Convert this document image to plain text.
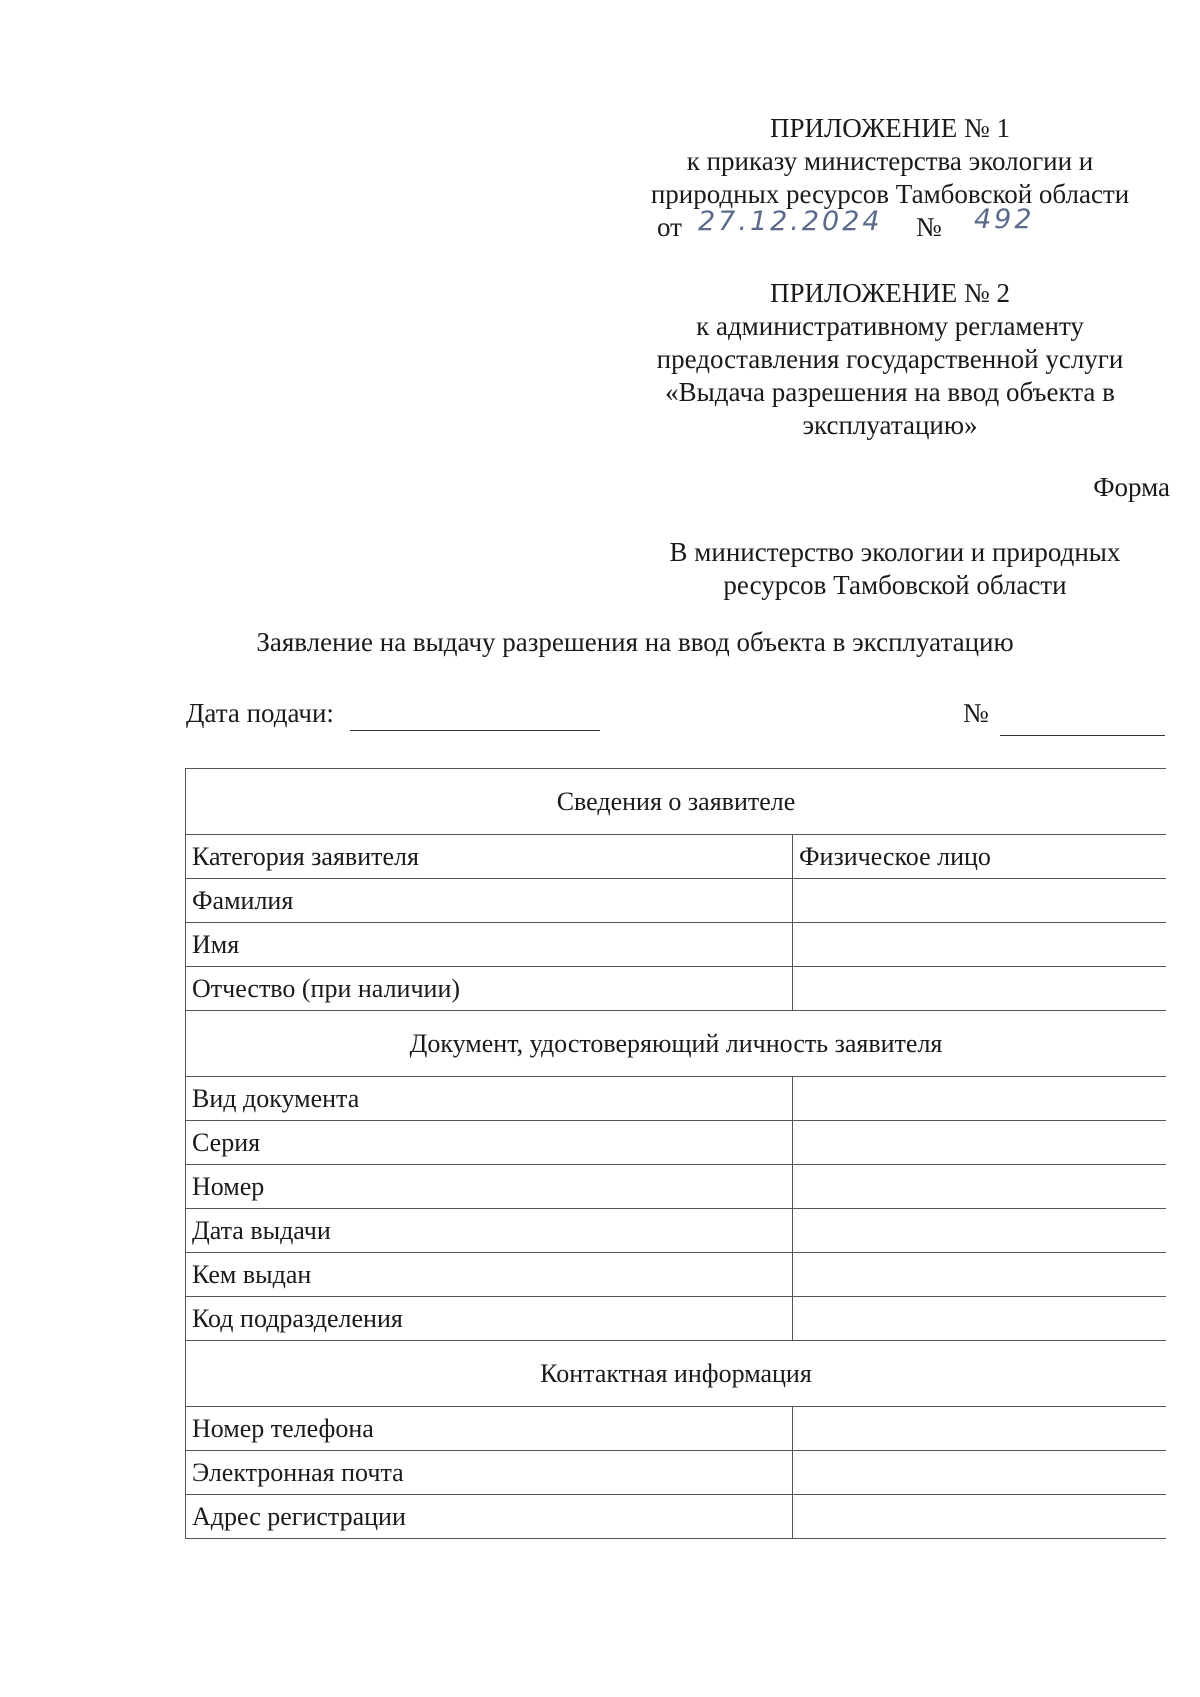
ПРИЛОЖЕНИЕ № 1
к приказу министерства экологии и
природных ресурсов Тамбовской области
от 27.12.2024 № 492
ПРИЛОЖЕНИЕ № 2
к административному регламенту
предоставления государственной услуги
«Выдача разрешения на ввод объекта в
эксплуатацию»
Форма
В министерство экологии и природных
ресурсов Тамбовской области
Заявление на выдачу разрешения на ввод объекта в эксплуатацию
Дата подачи:	№
Сведения о заявителе	
Категория заявителя	Физическое лицо
Фамилия	
Имя	
Отчество (при наличии)	
Документ, удостоверяющий личность заявителя	
Вид документа	
Серия	
Номер	
Дата выдачи	
Кем выдан	
Код подразделения	
Контактная информация	
Номер телефона	
Электронная почта	
Адрес регистрации	
